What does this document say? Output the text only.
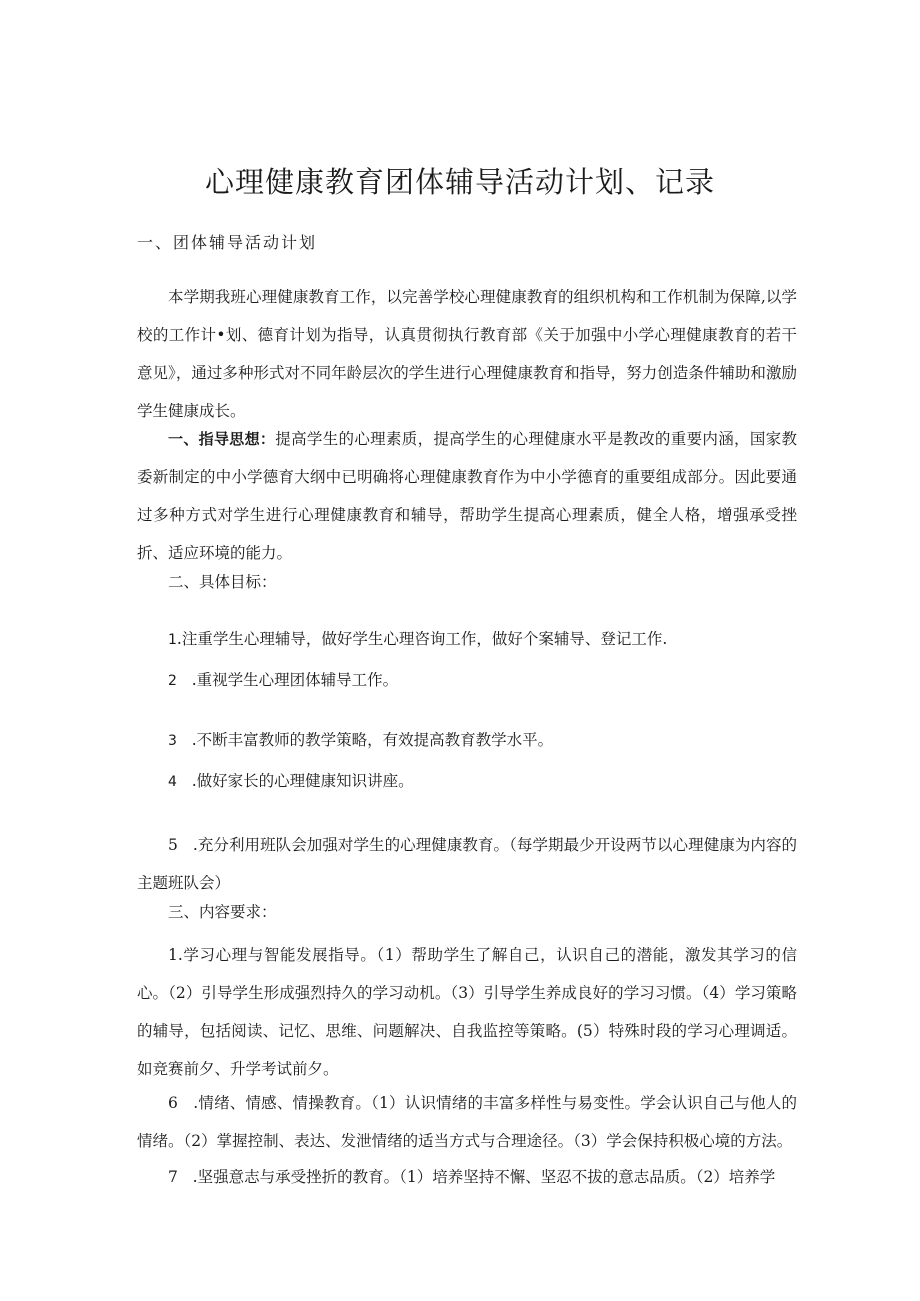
心理健康教育团体辅导活动计划、记录
一、团体辅导活动计划

本学期我班心理健康教育工作，以完善学校心理健康教育的组织机构和工作机制为保障,以学校的工作计•划、德育计划为指导，认真贯彻执行教育部《关于加强中小学心理健康教育的若干意见》，通过多种形式对不同年龄层次的学生进行心理健康教育和指导，努力创造条件辅助和激励学生健康成长。

一、指导思想：提高学生的心理素质，提高学生的心理健康水平是教改的重要内涵，国家教委新制定的中小学德育大纲中已明确将心理健康教育作为中小学德育的重要组成部分。因此要通过多种方式对学生进行心理健康教育和辅导，帮助学生提高心理素质，健全人格，增强承受挫折、适应环境的能力。

二、具体目标：

1.注重学生心理辅导，做好学生心理咨询工作，做好个案辅导、登记工作.

2 .重视学生心理团体辅导工作。

3 .不断丰富教师的教学策略，有效提高教育教学水平。

4 .做好家长的心理健康知识讲座。

5 .充分利用班队会加强对学生的心理健康教育。（每学期最少开设两节以心理健康为内容的主题班队会）

三、内容要求：

1.学习心理与智能发展指导。（1）帮助学生了解自己，认识自己的潜能，激发其学习的信心。（2）引导学生形成强烈持久的学习动机。（3）引导学生养成良好的学习习惯。（4）学习策略的辅导，包括阅读、记忆、思维、问题解决、自我监控等策略。(5）特殊时段的学习心理调适。如竞赛前夕、升学考试前夕。

6 .情绪、情感、情操教育。（1）认识情绪的丰富多样性与易变性。学会认识自己与他人的情绪。（2）掌握控制、表达、发泄情绪的适当方式与合理途径。（3）学会保持积极心境的方法。

7 .坚强意志与承受挫折的教育。（1）培养坚持不懈、坚忍不拔的意志品质。（2）培养学
